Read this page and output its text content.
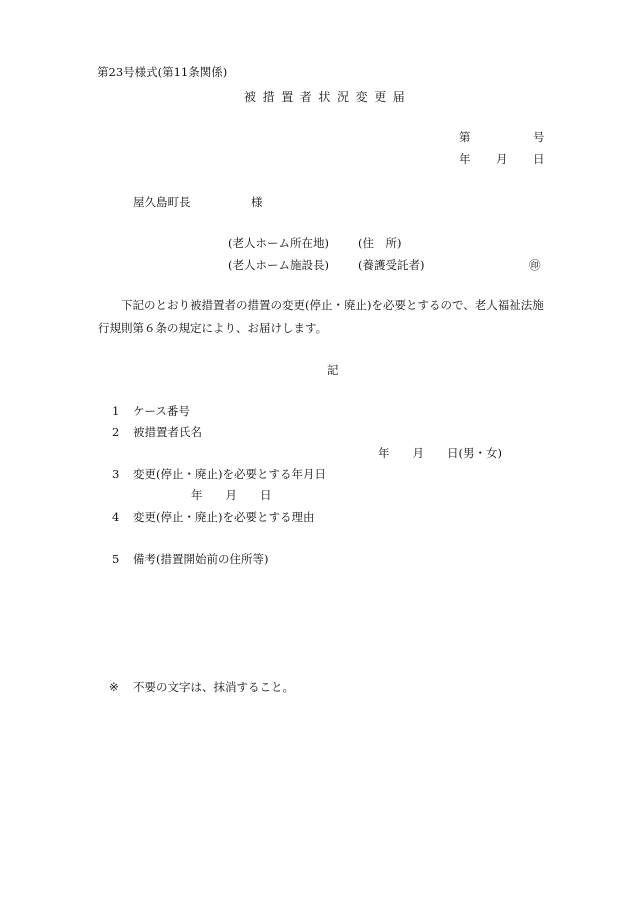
第23号様式(第11条関係)
被措置者状況変更届
第	号
年 月 日
屋久島町長	様
(老人ホーム所在地)	(住　所)
(老人ホーム施設長)	(養護受託者)	㊞
下記のとおり被措置者の措置の変更(停止・廃止)を必要とするので、老人福祉法施
行規則第６条の規定により、お届けします。
記
1 ケース番号
2 被措置者氏名
年　　月　　日(男・女)
3 変更(停止・廃止)を必要とする年月日
年　　月　　日
4 変更(停止・廃止)を必要とする理由
5 備考(措置開始前の住所等)
※ 不要の文字は、抹消すること。
